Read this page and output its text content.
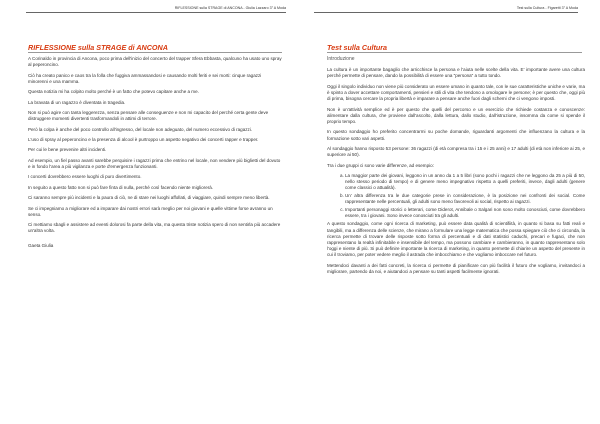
RIFLESSIONE sulla STRAGE di ANCONA - Giulia Lazzaro 3° A Moda
RIFLESSIONE sulla STRAGE di ANCONA

A Corinaldo in provincia di Ancona, poco prima dell'inizio del concerto del trapper Sfera Ebbasta, qualcuno ha usato uno spray al peperoncino.

Ciò ha creato panico e caos tra la folla che fuggiva ammassandosi e causando molti feriti e sei morti: cinque ragazzi minorenni e una mamma.

Questa notizia mi ha colpito molto perché è un fatto che potevo capitare anche a me.

La bravata di un ragazzo è diventata in tragedia.

Non si può agire con tanta leggerezza, senza pensare alle conseguenze e non mi capacito del perché certa gente deve distruggere momenti divertenti trasformandoli in attimi di terrore.

Però la colpa è anche del poco controllo all'ingresso, del locale non adeguato, del numero eccessivo di ragazzi.

L'uso di spray al peperoncino e la presenza di alcool è purtroppo un aspetto negativo dei concerti rapper e trapper.

Per cui le bene prevenire altri incidenti.

Ad esempio, un fiel passo avanti sarebbe perquisire i ragazzi prima che entrino nel locale, non vendere più biglietti del dovuto e in fondo l'area a più vigilanza e porte d'emergenza funzionanti.

I concerti dovrebbero essere luoghi di puro divertimento.

In seguito a questo fatto non si può fare finta di nulla, perché così facendo niente migliorerà.

Ci saranno sempre più incidenti e la paura di ciò, ne di stare nei luoghi affollati, di viaggiare, quindi sempre meno libertà.

Se ci impegniamo a migliorare ed a imparare dai nostri errori sarà meglio per noi giovani e quelle vittime forse avranno un senso.

Ci mettiamo sbagli e assistere ad eventi dolorosi fa parte della vita, ma questa triste notizia spero di non sentirla più accadere un'altra volta.

Gaeta Giulia

Test sulla Cultura - Figaretti 3° A Moda
Test sulla Cultura

Introduzione

La cultura è un importante bagaglio che arricchisce la persona e l'aiuta nelle scelte della vita. E' importante avere una cultura perché permette di pensare, dando la possibilità di essere una "persona" a tutto tondo.

Oggi il singolo individuo non viene più considerato un essere umano in quanto tale, con le sue caratteristiche uniche e varie, ma è spinto a dover accettare comportamenti, pensieri e stili di vita che tendono a omologare le persone; è per questo che, oggi più di prima, bisogna cercare la propria libertà e imparare a pensare anche fuori dagli schemi che ci vengono imposti.

Non è un'attività semplice ed è per questo che quelli del percorso e un esercizio che richiede costanza e conoscenze: alimentare dalla cultura, che proviene dall'ascolto, dalla lettura, dallo studio, dall'istruzione, insomma da come si spende il proprio tempo.

In questo sondaggio ho preferito concentrarmi su poche domande, riguardanti argomenti che influenzano la cultura e la formazione sotto vari aspetti.

Al sondaggio hanno risposto 53 persone: 36 ragazzi (di età compresa tra i 15 e i 25 anni) e 17 adulti (di età non inferiore ai 25, e superiore ai 50).

Tra i due gruppi ci sono varie differenze, ad esempio:

a. La maggior parte dei giovani, leggono in un anno da 1 a 5 libri (sono pochi i ragazzi che ne leggono da 25 a più di 50, nello stesso periodo di tempo) e di genere meno impegnativo rispetto a quelli preferiti, invece, dagli adulti (genere come classici o attualità).
b. Un' altra differenza tra le due categorie prese in considerazione, è la posizione nei confronti dei social. Come rappresentante nelle percentuali, gli adulti sono meno favorevoli ai social, rispetto ai ragazzi.
c. Importanti personaggi storici o letterari, come Diderot, Annibale o Salgari non sono molto conosciuti, come dovrebbero essere, tra i giovani. Sono invece conosciuti tra gli adulti.

A questo sondaggio, come ogni ricerca di marketing, può essere data qualità di scientifiità, in quanto si basa su fatti reali e tangibili, ma a differenza delle scienze, che mirano a formulare una legge matematica che possa spiegare ciò che ci circonda, la ricerca permette di trovare delle risposte sotto forma di percentuali e di dati statistici caduchi, precari e fugaci, che non rappresentano la realtà infinitabile e insensibile del tempo, ma possono cambiare e cambieranno, in quanto rappresentano solo l'oggi e niente di più. Si può definire importante la ricerca di marketing, in quanto permette di chiarire un aspetto del presente in cui il troviamo, per poter vedere meglio il astrada che imbocchiamo e che vogliamo imboccare nel futuro.

Mettendoci davanti a dei fatti concreti, la ricerca ci permette di pianificare con più facilità il futuro che vogliamo, invitandoci a migliorare, partendo da noi, e aiutandoci a pensare su tanti aspetti facilmente ignorati.
